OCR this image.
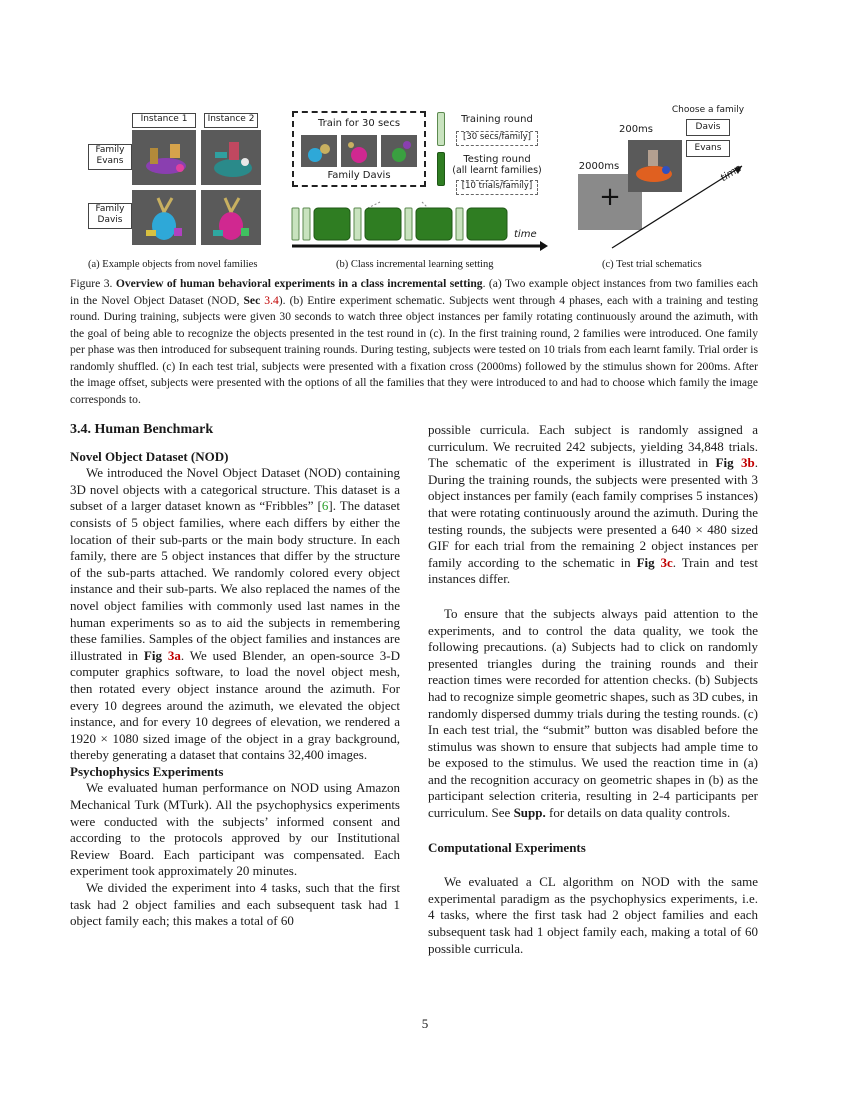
Instance 1	Instance 2
Family
Evans
Family
Davis
(a) Example objects from novel families
Train for 30 secs
Family Davis
Training round
[30 secs/family]
Testing round
(all learnt families)
[10 trials/family]
time
(b) Class incremental learning setting
Choose a family
Davis
Evans
200ms
2000ms
+
time
(c) Test trial schematics
Figure 3. Overview of human behavioral experiments in a class incremental setting. (a) Two example object instances from two families each in the Novel Object Dataset (NOD, Sec 3.4). (b) Entire experiment schematic. Subjects went through 4 phases, each with a training and testing round. During training, subjects were given 30 seconds to watch three object instances per family rotating continuously around the azimuth, with the goal of being able to recognize the objects presented in the test round in (c). In the first training round, 2 families were introduced. One family per phase was then introduced for subsequent training rounds. During testing, subjects were tested on 10 trials from each learnt family. Trial order is randomly shuffled. (c) In each test trial, subjects were presented with a fixation cross (2000ms) followed by the stimulus shown for 200ms. After the image offset, subjects were presented with the options of all the families that they were introduced to and had to choose which family the image corresponds to.
3.4. Human Benchmark
Novel Object Dataset (NOD)

We introduced the Novel Object Dataset (NOD) containing 3D novel objects with a categorical structure. This dataset is a subset of a larger dataset known as “Fribbles” [6]. The dataset consists of 5 object families, where each differs by either the location of their sub-parts or the main body structure. In each family, there are 5 object instances that differ by the structure of the sub-parts attached. We randomly colored every object instance and their sub-parts. We also replaced the names of the novel object families with commonly used last names in the human experiments so as to aid the subjects in remembering these families. Samples of the object families and instances are illustrated in Fig 3a. We used Blender, an open-source 3-D computer graphics software, to load the novel object mesh, then rotated every object instance around the azimuth. For every 10 degrees around the azimuth, we elevated the object instance, and for every 10 degrees of elevation, we rendered a 1920 × 1080 sized image of the object in a gray background, thereby generating a dataset that contains 32,400 images.

Psychophysics Experiments

We evaluated human performance on NOD using Amazon Mechanical Turk (MTurk). All the psychophysics experiments were conducted with the subjects’ informed consent and according to the protocols approved by our Institutional Review Board. Each participant was compensated. Each experiment took approximately 20 minutes.

We divided the experiment into 4 tasks, such that the first task had 2 object families and each subsequent task had 1 object family each; this makes a total of 60

possible curricula. Each subject is randomly assigned a curriculum. We recruited 242 subjects, yielding 34,848 trials. The schematic of the experiment is illustrated in Fig 3b. During the training rounds, the subjects were presented with 3 object instances per family (each family comprises 5 instances) that were rotating continuously around the azimuth. During the testing rounds, the subjects were presented a 640 × 480 sized GIF for each trial from the remaining 2 object instances per family according to the schematic in Fig 3c. Train and test instances differ.

To ensure that the subjects always paid attention to the experiments, and to control the data quality, we took the following precautions. (a) Subjects had to click on randomly presented triangles during the training rounds and their reaction times were recorded for attention checks. (b) Subjects had to recognize simple geometric shapes, such as 3D cubes, in randomly dispersed dummy trials during the testing rounds. (c) In each test trial, the “submit” button was disabled before the stimulus was shown to ensure that subjects had ample time to be exposed to the stimulus. We used the reaction time in (a) and the recognition accuracy on geometric shapes in (b) as the participant selection criteria, resulting in 2-4 participants per curriculum. See Supp. for details on data quality controls.

Computational Experiments

We evaluated a CL algorithm on NOD with the same experimental paradigm as the psychophysics experiments, i.e. 4 tasks, where the first task had 2 object families and each subsequent task had 1 object family each, making a total of 60 possible curricula.

5
